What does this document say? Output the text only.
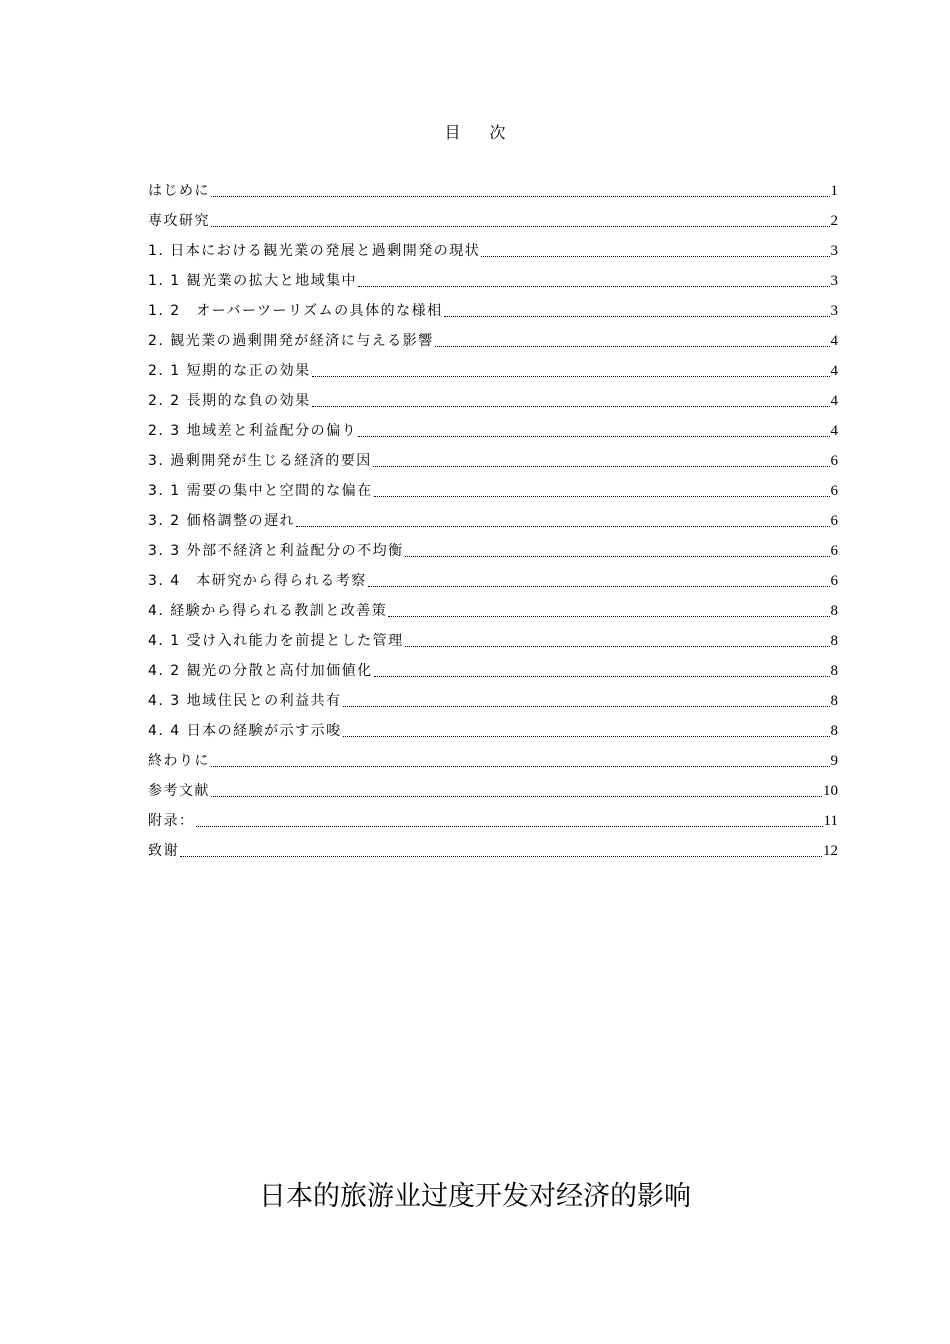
目 次
はじめに	1
専攻研究	2
1. 日本における観光業の発展と過剰開発の現状	3
1. 1 観光業の拡大と地域集中	3
1. 2　オーバーツーリズムの具体的な様相	3
2. 観光業の過剰開発が経済に与える影響	4
2. 1 短期的な正の効果	4
2. 2 長期的な負の効果	4
2. 3 地域差と利益配分の偏り	4
3. 過剰開発が生じる経済的要因	6
3. 1 需要の集中と空間的な偏在	6
3. 2 価格調整の遅れ	6
3. 3 外部不経済と利益配分の不均衡	6
3. 4　本研究から得られる考察	6
4. 経験から得られる教訓と改善策	8
4. 1 受け入れ能力を前提とした管理	8
4. 2 観光の分散と高付加価値化	8
4. 3 地域住民との利益共有	8
4. 4 日本の経験が示す示唆	8
終わりに	9
参考文献	10
附录：	11
致谢	12
日本的旅游业过度开发对经济的影响
